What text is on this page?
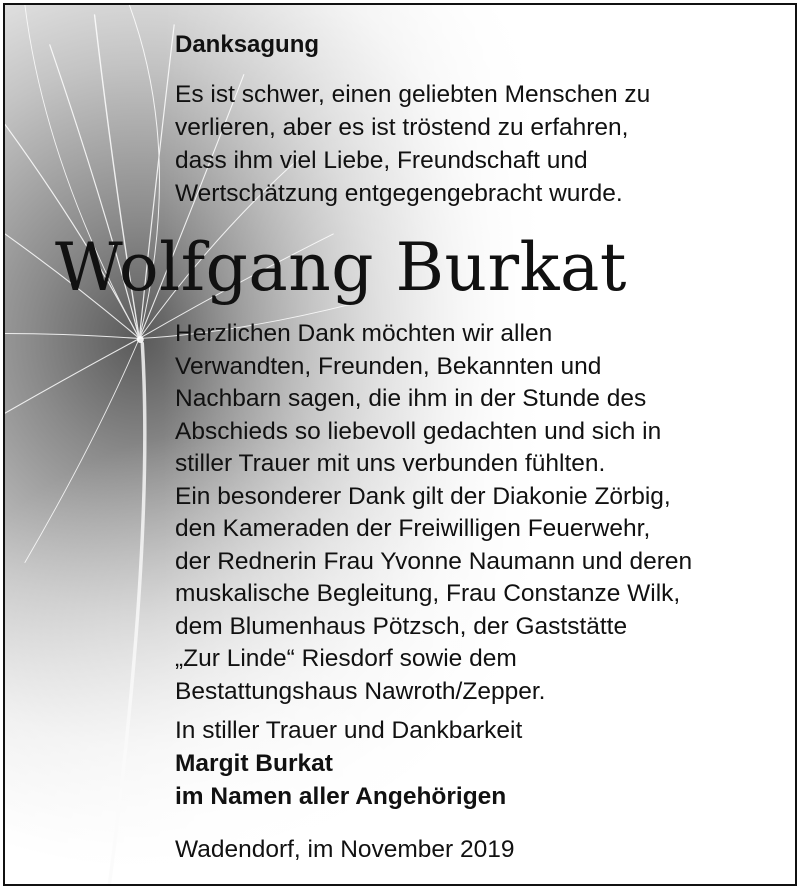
Danksagung
Es ist schwer, einen geliebten Menschen zu
verlieren, aber es ist tröstend zu erfahren,
dass ihm viel Liebe, Freundschaft und
Wertschätzung entgegengebracht wurde.
Wolfgang Burkat
Herzlichen Dank möchten wir allen
Verwandten, Freunden, Bekannten und
Nachbarn sagen, die ihm in der Stunde des
Abschieds so liebevoll gedachten und sich in
stiller Trauer mit uns verbunden fühlten.
Ein besonderer Dank gilt der Diakonie Zörbig,
den Kameraden der Freiwilligen Feuerwehr,
der Rednerin Frau Yvonne Naumann und deren
muskalische Begleitung, Frau Constanze Wilk,
dem Blumenhaus Pötzsch, der Gaststätte
„Zur Linde“ Riesdorf sowie dem
Bestattungshaus Nawroth/Zepper.
In stiller Trauer und Dankbarkeit
Margit Burkat
im Namen aller Angehörigen
Wadendorf, im November 2019
